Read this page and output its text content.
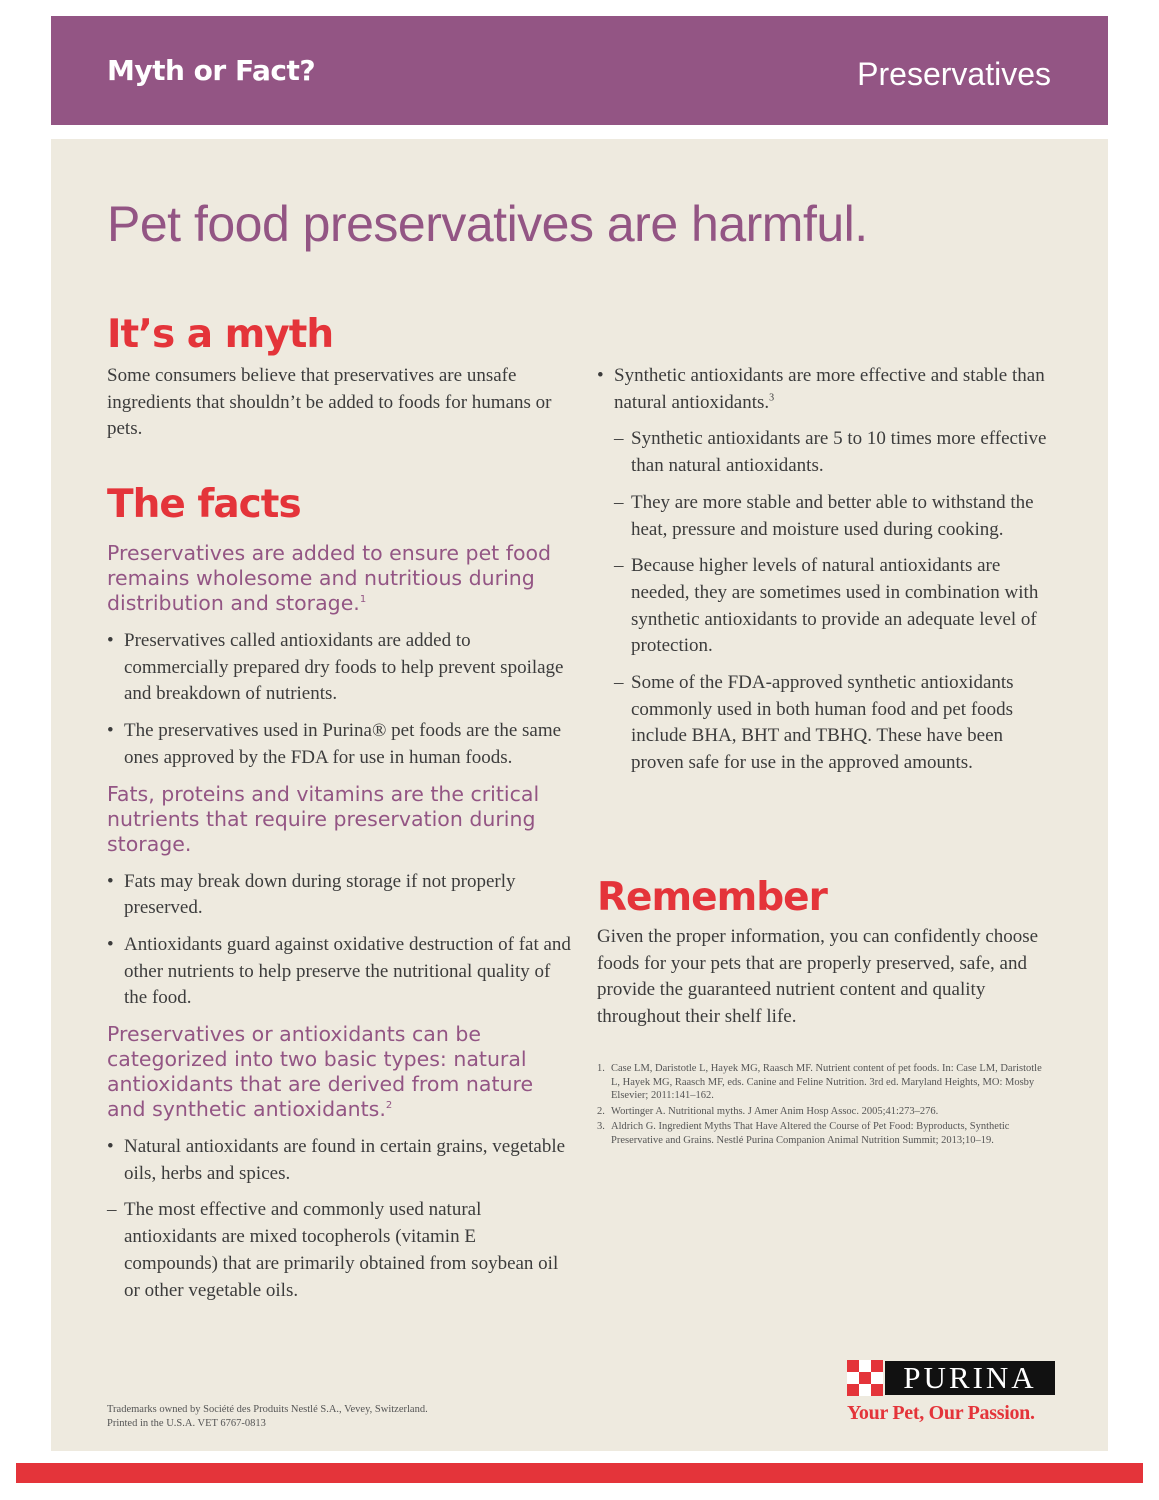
Myth or Fact?	Preservatives
Pet food preservatives are harmful.
It’s a myth

Some consumers believe that preservatives are unsafe ingredients that shouldn’t be added to foods for humans or pets.

The facts

Preservatives are added to ensure pet food remains wholesome and nutritious during distribution and storage.$^1$

• Preservatives called antioxidants are added to commercially prepared dry foods to help prevent spoilage and breakdown of nutrients.
• The preservatives used in Purina® pet foods are the same ones approved by the FDA for use in human foods.

Fats, proteins and vitamins are the critical nutrients that require preservation during storage.

• Fats may break down during storage if not properly preserved.
• Antioxidants guard against oxidative destruction of fat and other nutrients to help preserve the nutritional quality of the food.

Preservatives or antioxidants can be categorized into two basic types: natural antioxidants that are derived from nature and synthetic antioxidants.$^2$

• Natural antioxidants are found in certain grains, vegetable oils, herbs and spices.
– The most effective and commonly used natural antioxidants are mixed tocopherols (vitamin E compounds) that are primarily obtained from soybean oil or other vegetable oils.
• Synthetic antioxidants are more effective and stable than natural antioxidants.$^3$
– Synthetic antioxidants are 5 to 10 times more effective than natural antioxidants.
– They are more stable and better able to withstand the heat, pressure and moisture used during cooking.
– Because higher levels of natural antioxidants are needed, they are sometimes used in combination with synthetic antioxidants to provide an adequate level of protection.
– Some of the FDA-approved synthetic antioxidants commonly used in both human food and pet foods include BHA, BHT and TBHQ. These have been proven safe for use in the approved amounts.
Remember

Given the proper information, you can confidently choose foods for your pets that are properly preserved, safe, and provide the guaranteed nutrient content and quality throughout their shelf life.

1. Case LM, Daristotle L, Hayek MG, Raasch MF. Nutrient content of pet foods. In: Case LM, Daristotle L, Hayek MG, Raasch MF, eds. Canine and Feline Nutrition. 3rd ed. Maryland Heights, MO: Mosby Elsevier; 2011:141–162.
2. Wortinger A. Nutritional myths. J Amer Anim Hosp Assoc. 2005;41:273–276.
3. Aldrich G. Ingredient Myths That Have Altered the Course of Pet Food: Byproducts, Synthetic Preservative and Grains. Nestlé Purina Companion Animal Nutrition Summit; 2013;10–19.
Trademarks owned by Société des Produits Nestlé S.A., Vevey, Switzerland.
Printed in the U.S.A. VET 6767-0813
PURINA
Your Pet, Our Passion.
